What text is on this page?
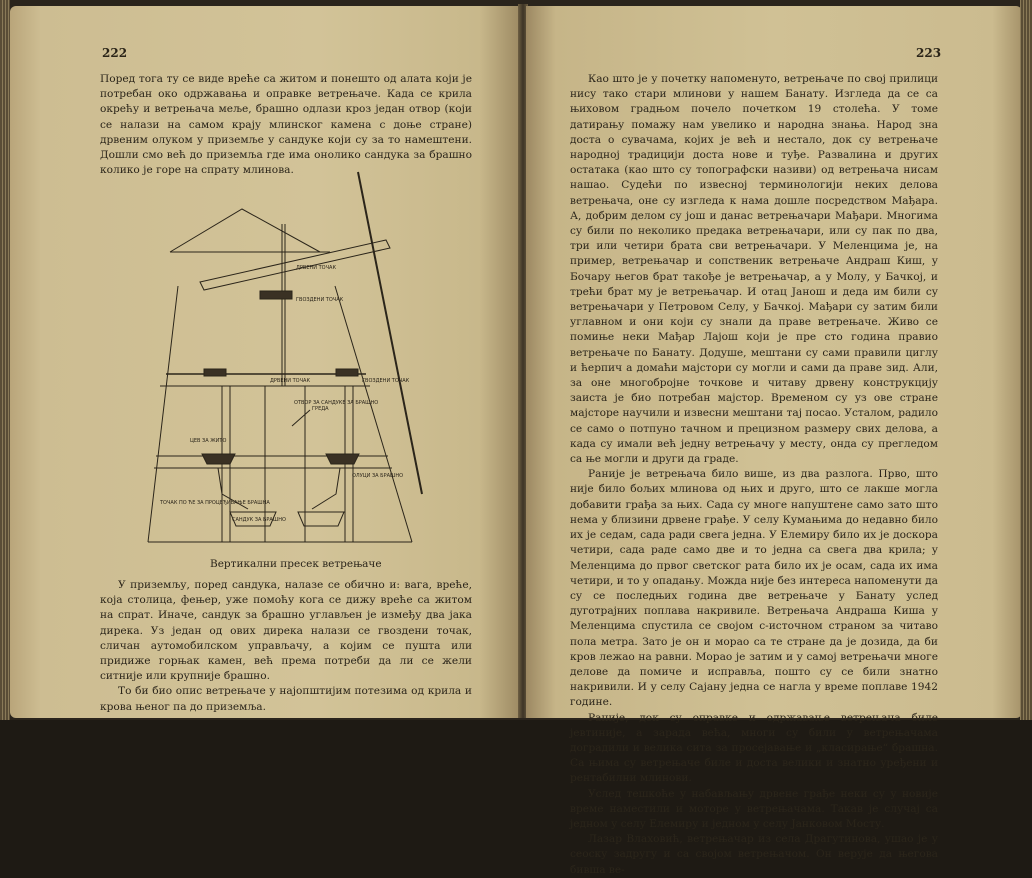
222

Поред тога ту се виде вреће са житом и понешто од алата који је потребан око одржавања и оправке ветрењаче. Када се крила окрећу и ветрењача меље, брашно одлази кроз један отвор (који се налази на самом крају млинског камена с доње стране) дрвеним олуком у приземље у сандуке који су за то намештени. Дошли смо већ до приземља где има онолико сандука за брашно колико је горе на спрату млинова.

ДРВЕНИ ТОЧАК
ГВОЗДЕНИ ТОЧАК
ДРВЕНИ ТОЧАК	ГВОЗДЕНИ ТОЧАК
ОТВОР ЗА САНДУКЕ ЗА БРАШНО
ЦЕВ ЗА ЖИТО
ГРЕДА
ОЛУЦИ ЗА БРАШНО
ТОЧАК ПО ЋЕ ЗА ПРОЦЕЂИВАЊЕ БРАШНА
САНДУК ЗА БРАШНО
Вертикални пресек ветрењаче

У приземљу, поред сандука, налазе се обично и: вага, вреће, која столица, фењер, уже помоћу кога се дижу вреће са житом на спрат. Иначе, сандук за брашно углављен је између два јака дирека. Уз један од ових дирека налази се гвоздени точак, сличан аутомобилском управљачу, а којим се пушта или придиже горњак камен, већ према потреби да ли се жели ситније или крупније брашно.

То би био опис ветрењаче у најопштијим потезима од крила и крова њеног па до приземља.

223

Као што је у почетку напоменуто, ветрењаче по свој прилици нису тако стари млинови у нашем Банату. Изгледа да се са њиховом градњом почело почетком 19 столећа. У томе датирању помажу нам увелико и народна знања. Народ зна доста о сувачама, којих је већ и нестало, док су ветрењаче народној традицији доста нове и туђе. Развалина и других остатака (као што су топографски називи) од ветрењача нисам нашао. Судећи по извесној терминологији неких делова ветрењача, оне су изгледа к нама дошле посредством Мађара. А, добрим делом су још и данас ветрењачари Мађари. Многима су били по неколико предака ветрењачари, или су пак по два, три или четири брата сви ветрењачари. У Меленцима је, на пример, ветрењачар и сопственик ветрењаче Андраш Киш, у Бочару његов брат такође је ветрењачар, а у Молу, у Бачкој, и трећи брат му је ветрењачар. И отац Јанош и деда им били су ветрењачари у Петровом Селу, у Бачкој. Мађари су затим били углавном и они који су знали да праве ветрењаче. Живо се помиње неки Мађар Лајош који је пре сто година правио ветрењаче по Банату. Додуше, мештани су сами правили циглу и ћерпич а домаћи мајстори су могли и сами да праве зид. Али, за оне многобројне точкове и читаву дрвену конструкцију заиста је био потребан мајстор. Временом су уз ове стране мајсторе научили и извесни мештани тај посао. Усталом, радило се само о потпуно тачном и прецизном размеру свих делова, а када су имали већ једну ветрењачу у месту, онда су прегледом са ње могли и други да граде.

Раније је ветрењача било више, из два разлога. Прво, што није било бољих млинова од њих и друго, што се лакше могла добавити грађа за њих. Сада су многе напуштене само зато што нема у близини дрвене грађе. У селу Кумањима до недавно било их је седам, сада ради свега једна. У Елемиру било их је доскора четири, сада раде само две и то једна са свега два крила; у Меленцима до првог светског рата било их је осам, сада их има четири, и то у опадању. Можда није без интереса напоменути да су се последњих година две ветрењаче у Банату услед дуготрајних поплава накривиле. Ветрењача Андраша Киша у Меленцима спустила се својом с-источном страном за читаво пола метра. Зато је он и морао са те стране да је дозида, да би кров лежао на равни. Морао је затим и у самој ветрењачи многе делове да помиче и исправља, пошто су се били знатно накривили. И у селу Сајану једна се нагла у време поплаве 1942 године.

Раније, док су оправке и одржавање ветрењача биле јевтиније, а зарада већа, многи су били у ветрењачама доградили и велика сита за просејавање и „класирање“ брашна. Са њима су ветрењаче биле и доста велики и знатно уређени и рентабилни млинови.

Услед тешкоће у набављању дрвене грађе неки су у новије време наместили и моторе у ветрењачама. Такав је случај са једном у селу Елемиру и једном у селу Јанковом Мосту.

Лазар Влаховић, ветрењачар из села Драгутинова, ушао је у сеоску задругу и са својом ветрењачом. Он верује да његова бивша ве-
